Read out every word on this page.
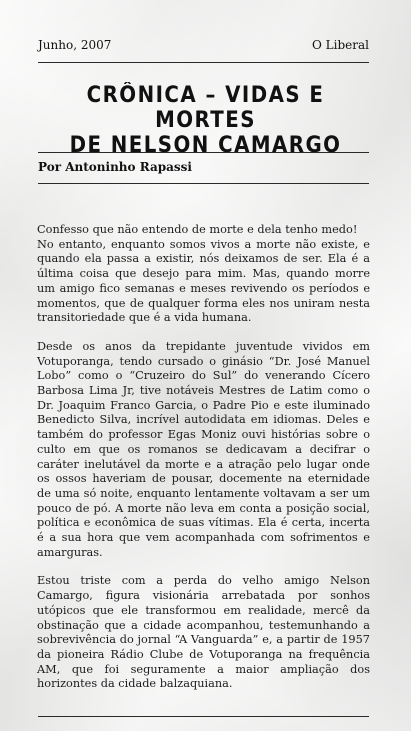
Junho, 2007	O Liberal
CRÔNICA – VIDAS E MORTES
DE NELSON CAMARGO
Por Antoninho Rapassi

Confesso que não entendo de morte e dela tenho medo!
No entanto, enquanto somos vivos a morte não existe, e quando ela passa a existir, nós deixamos de ser. Ela é a última coisa que desejo para mim. Mas, quando morre um amigo fico semanas e meses revivendo os períodos e momentos, que de qualquer forma eles nos uniram nesta transitoriedade que é a vida humana.

Desde os anos da trepidante juventude vividos em Votuporanga, tendo cursado o ginásio “Dr. José Manuel Lobo” como o “Cruzeiro do Sul” do venerando Cícero Barbosa Lima Jr, tive notáveis Mestres de Latim como o Dr. Joaquim Franco Garcia, o Padre Pio e este iluminado Benedicto Silva, incrível autodidata em idiomas. Deles e também do professor Egas Moniz ouvi histórias sobre o culto em que os romanos se dedicavam a decifrar o caráter inelutável da morte e a atração pelo lugar onde os ossos haveriam de pousar, docemente na eternidade de uma só noite, enquanto lentamente voltavam a ser um pouco de pó. A morte não leva em conta a posição social, política e econômica de suas vítimas. Ela é certa, incerta é a sua hora que vem acompanhada com sofrimentos e amarguras.

Estou triste com a perda do velho amigo Nelson Camargo, figura visionária arrebatada por sonhos utópicos que ele transformou em realidade, mercê da obstinação que a cidade acompanhou, testemunhando a sobrevivência do jornal “A Vanguarda” e, a partir de 1957 da pioneira Rádio Clube de Votuporanga na frequência AM, que foi seguramente a maior ampliação dos horizontes da cidade balzaquiana.
